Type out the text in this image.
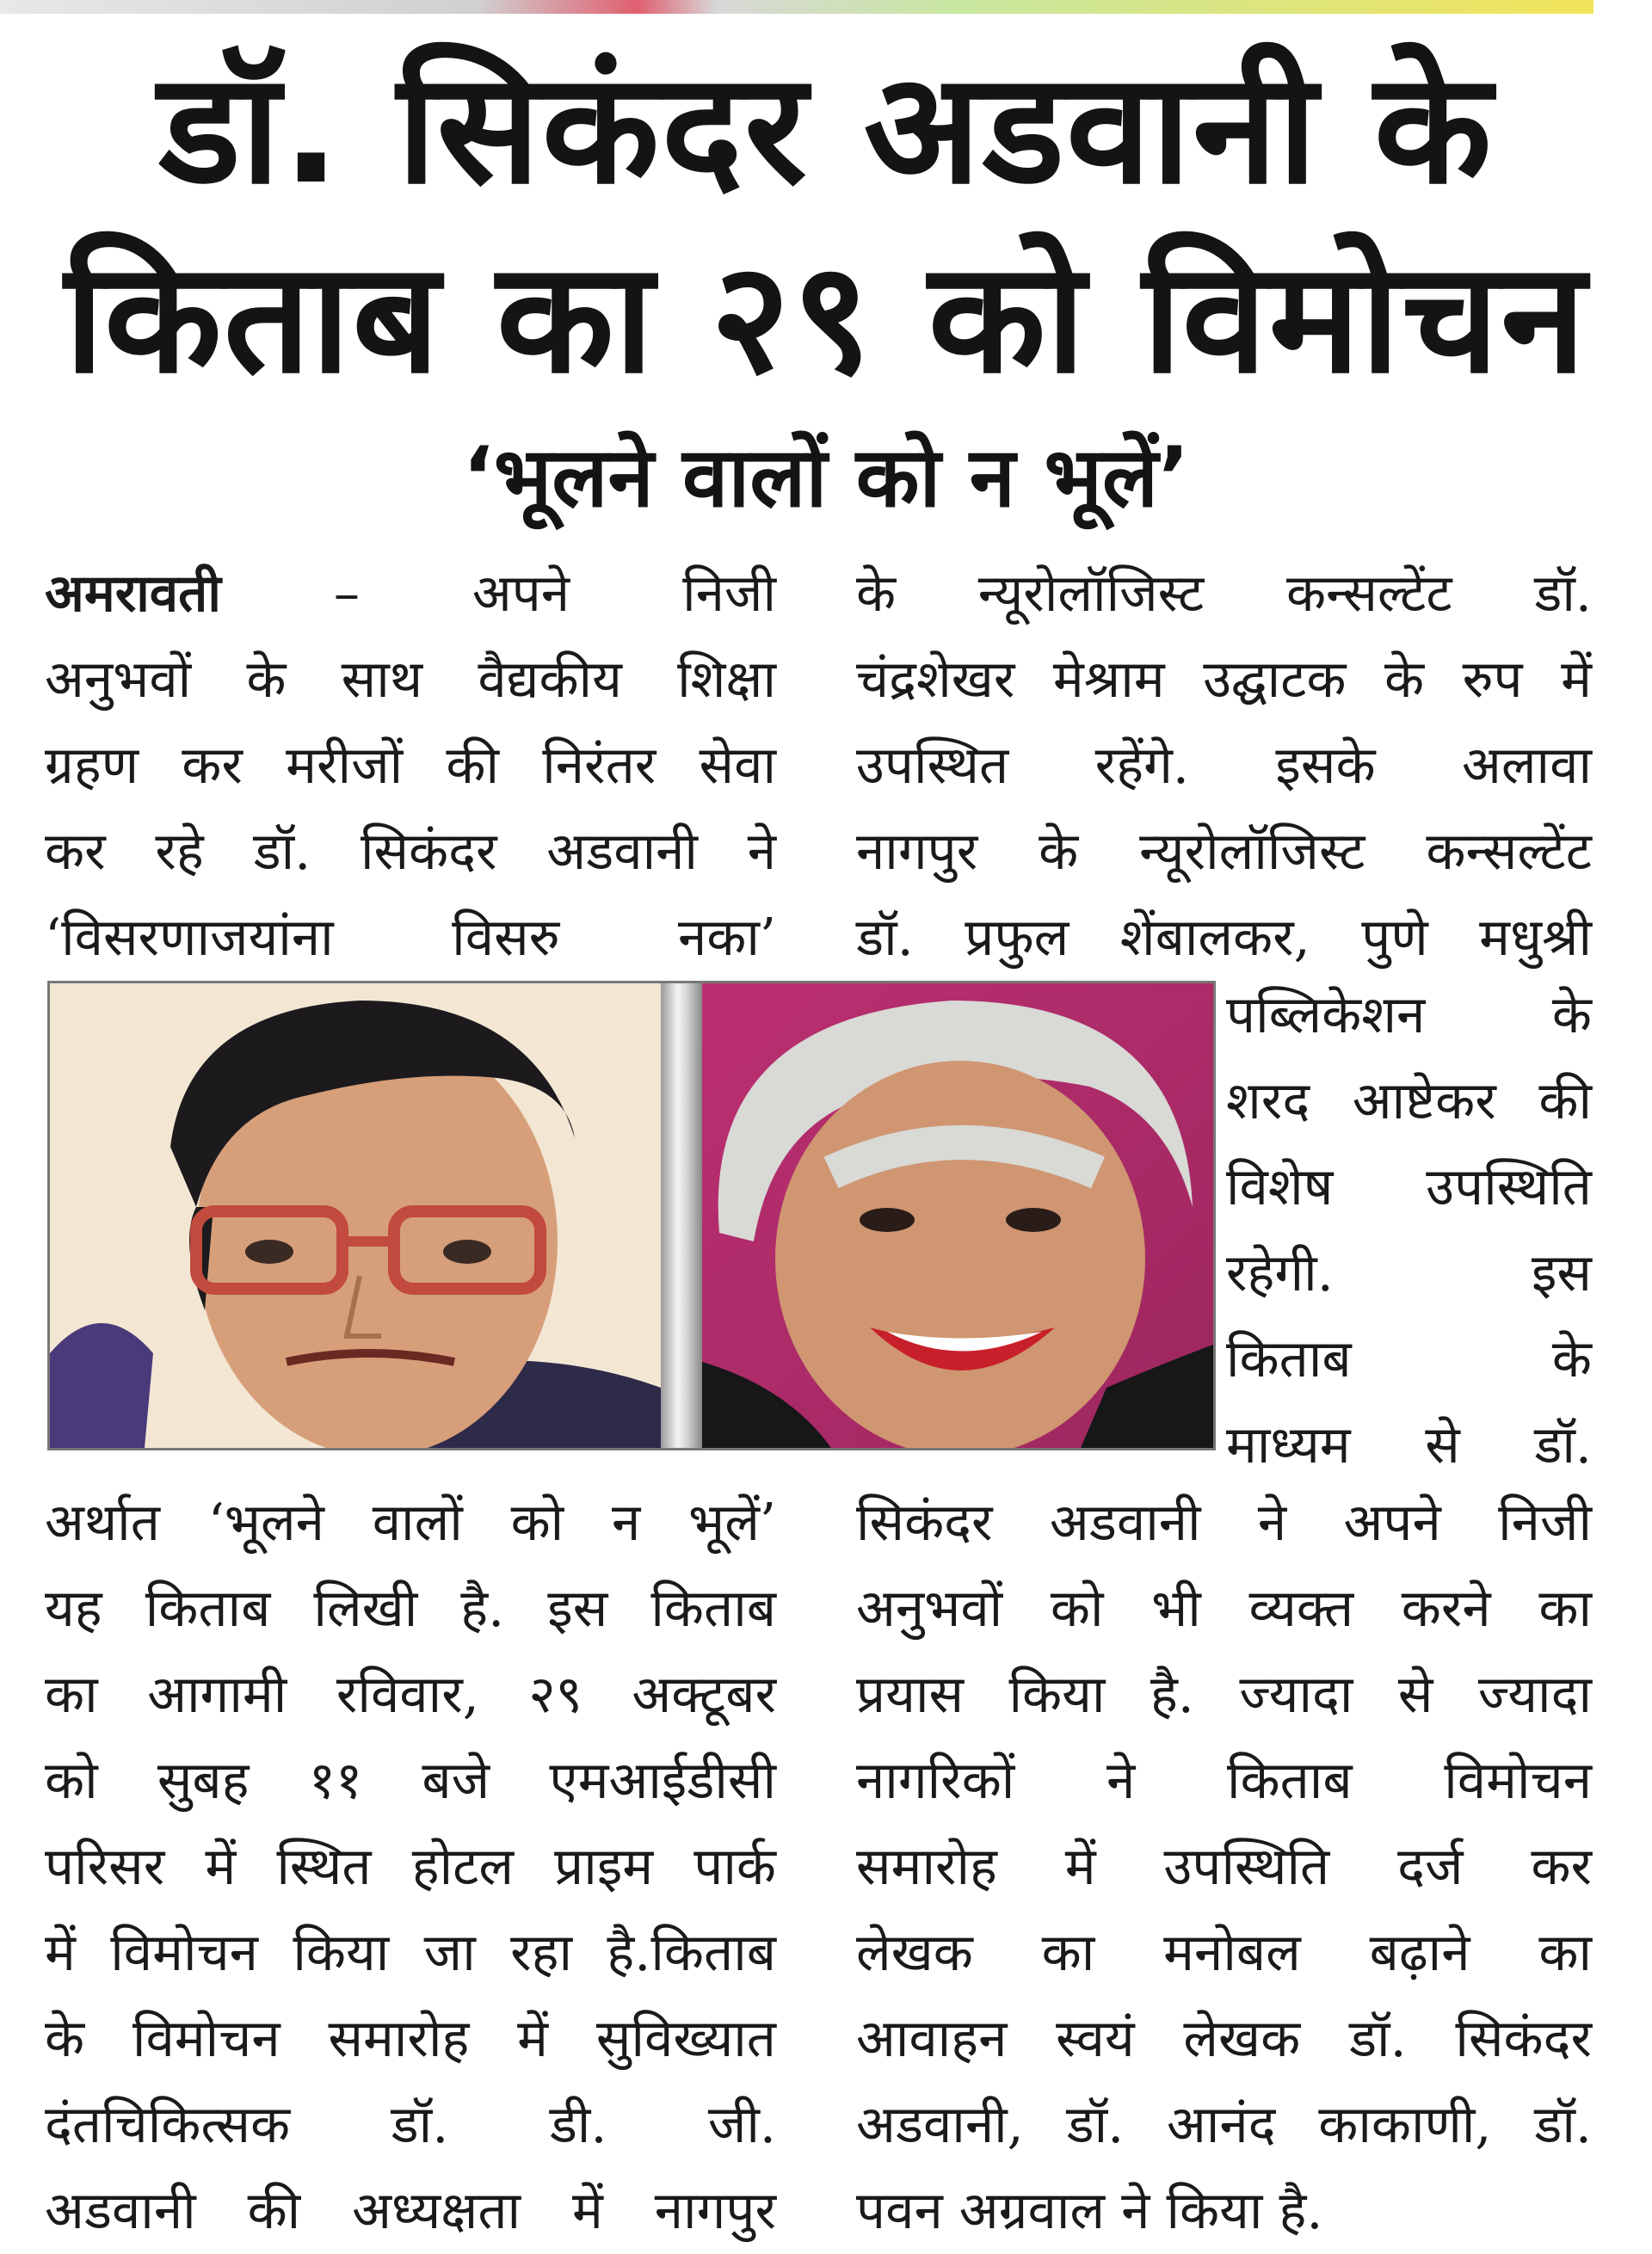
डॉ. सिकंदर अडवानी के
किताब का २९ को विमोचन
‘भूलने वालों को न भूलें’
अमरावती – अपने निजी
अनुभवों के साथ वैद्यकीय शिक्षा
ग्रहण कर मरीजों की निरंतर सेवा
कर रहे डॉ. सिकंदर अडवानी ने
‘विसरणाजयांना विसरु नका’
के न्यूरोलॉजिस्ट कन्सल्टेंट डॉ.
चंद्रशेखर मेश्राम उद्घाटक के रुप में
उपस्थित रहेंगे. इसके अलावा
नागपुर के न्यूरोलॉजिस्ट कन्सल्टेंट
डॉ. प्रफुल शेंबालकर, पुणे मधुश्री
पब्लिकेशन के
शरद आष्टेकर की
विशेष उपस्थिति
रहेगी. इस
किताब के
माध्यम से डॉ.
अर्थात ‘भूलने वालों को न भूलें’
यह किताब लिखी है. इस किताब
का आगामी रविवार, २९ अक्टूबर
को सुबह ११ बजे एमआईडीसी
परिसर में स्थित होटल प्राइम पार्क
में विमोचन किया जा रहा है.किताब
के विमोचन समारोह में सुविख्यात
दंतचिकित्सक डॉ. डी. जी.
अडवानी की अध्यक्षता में नागपुर
सिकंदर अडवानी ने अपने निजी
अनुभवों को भी व्यक्त करने का
प्रयास किया है. ज्यादा से ज्यादा
नागरिकों ने किताब विमोचन
समारोह में उपस्थिति दर्ज कर
लेखक का मनोबल बढ़ाने का
आवाहन स्वयं लेखक डॉ. सिकंदर
अडवानी, डॉ. आनंद काकाणी, डॉ.
पवन अग्रवाल ने किया है.
